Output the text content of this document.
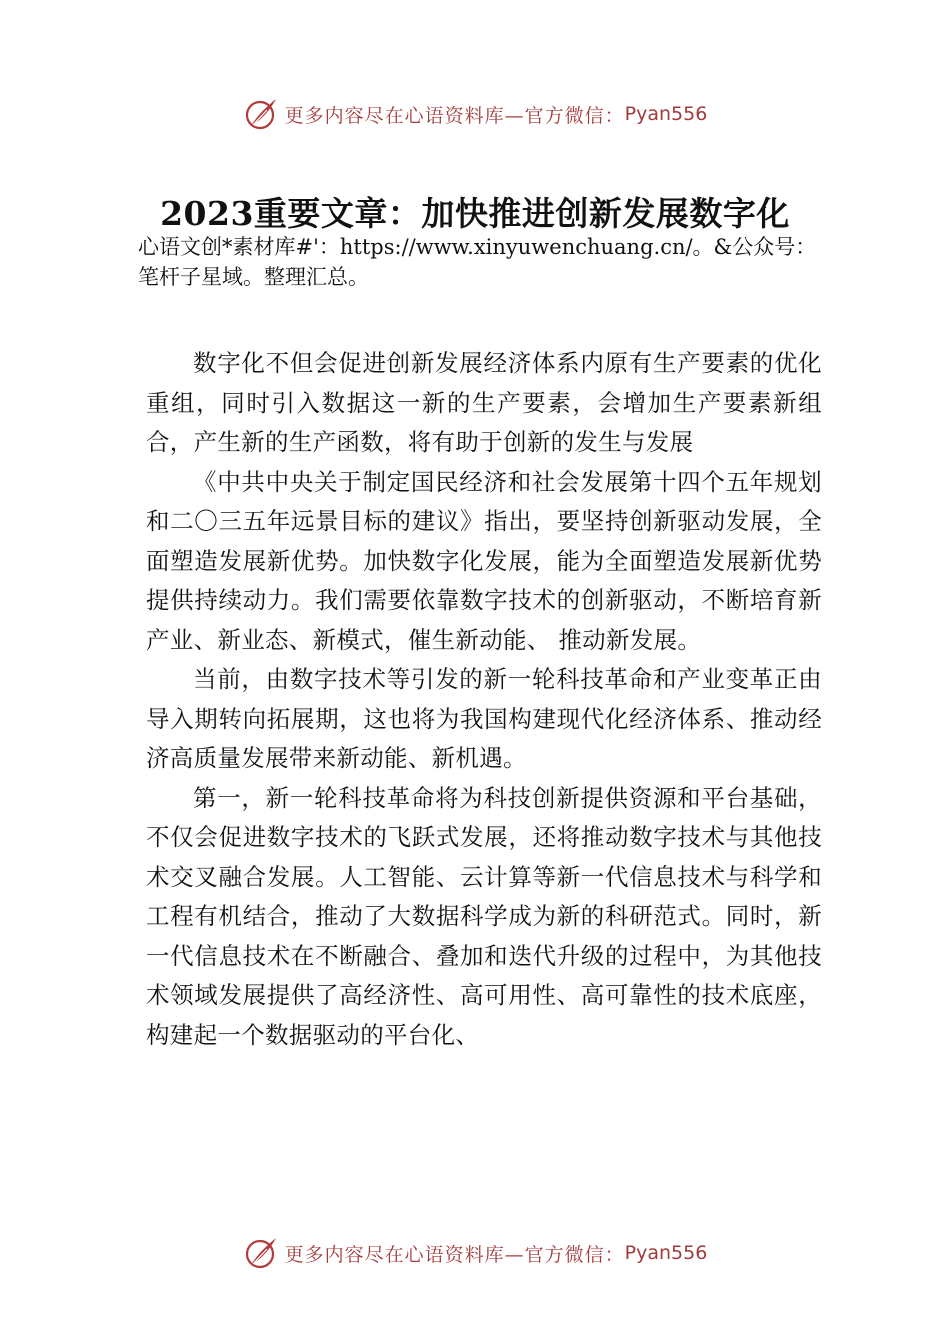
更多内容尽在心语资料库—官方微信： Pyan556
2023重要文章：加快推进创新发展数字化
心语文创*素材库#'：https://www.xinyuwenchuang.cn/。&公众号：笔杆子星域。整理汇总。

数字化不但会促进创新发展经济体系内原有生产要素的优化重组，同时引入数据这一新的生产要素，会增加生产要素新组合，产生新的生产函数，将有助于创新的发生与发展

《中共中央关于制定国民经济和社会发展第十四个五年规划和二〇三五年远景目标的建议》指出，要坚持创新驱动发展，全面塑造发展新优势。加快数字化发展，能为全面塑造发展新优势提供持续动力。我们需要依靠数字技术的创新驱动，不断培育新产业、新业态、新模式，催生新动能、 推动新发展。

当前，由数字技术等引发的新一轮科技革命和产业变革正由导入期转向拓展期，这也将为我国构建现代化经济体系、推动经济高质量发展带来新动能、新机遇。

第一，新一轮科技革命将为科技创新提供资源和平台基础，不仅会促进数字技术的飞跃式发展，还将推动数字技术与其他技术交叉融合发展。人工智能、云计算等新一代信息技术与科学和工程有机结合，推动了大数据科学成为新的科研范式。同时，新一代信息技术在不断融合、叠加和迭代升级的过程中，为其他技术领域发展提供了高经济性、高可用性、高可靠性的技术底座，构建起一个数据驱动的平台化、

更多内容尽在心语资料库—官方微信： Pyan556
